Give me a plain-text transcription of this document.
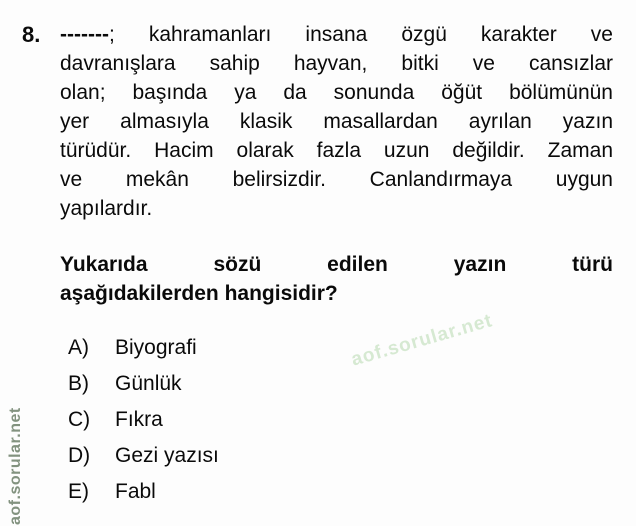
8. -------; kahramanları insana özgü karakter ve
davranışlara sahip hayvan, bitki ve cansızlar
olan; başında ya da sonunda öğüt bölümünün
yer almasıyla klasik masallardan ayrılan yazın
türüdür. Hacim olarak fazla uzun değildir. Zaman
ve mekân belirsizdir. Canlandırmaya uygun
yapılardır.
Yukarıda sözü edilen yazın türü
aşağıdakilerden hangisidir?
A) Biyografi
B) Günlük
C) Fıkra
D) Gezi yazısı
E) Fabl
aof.sorular.net
aof.sorular.net
